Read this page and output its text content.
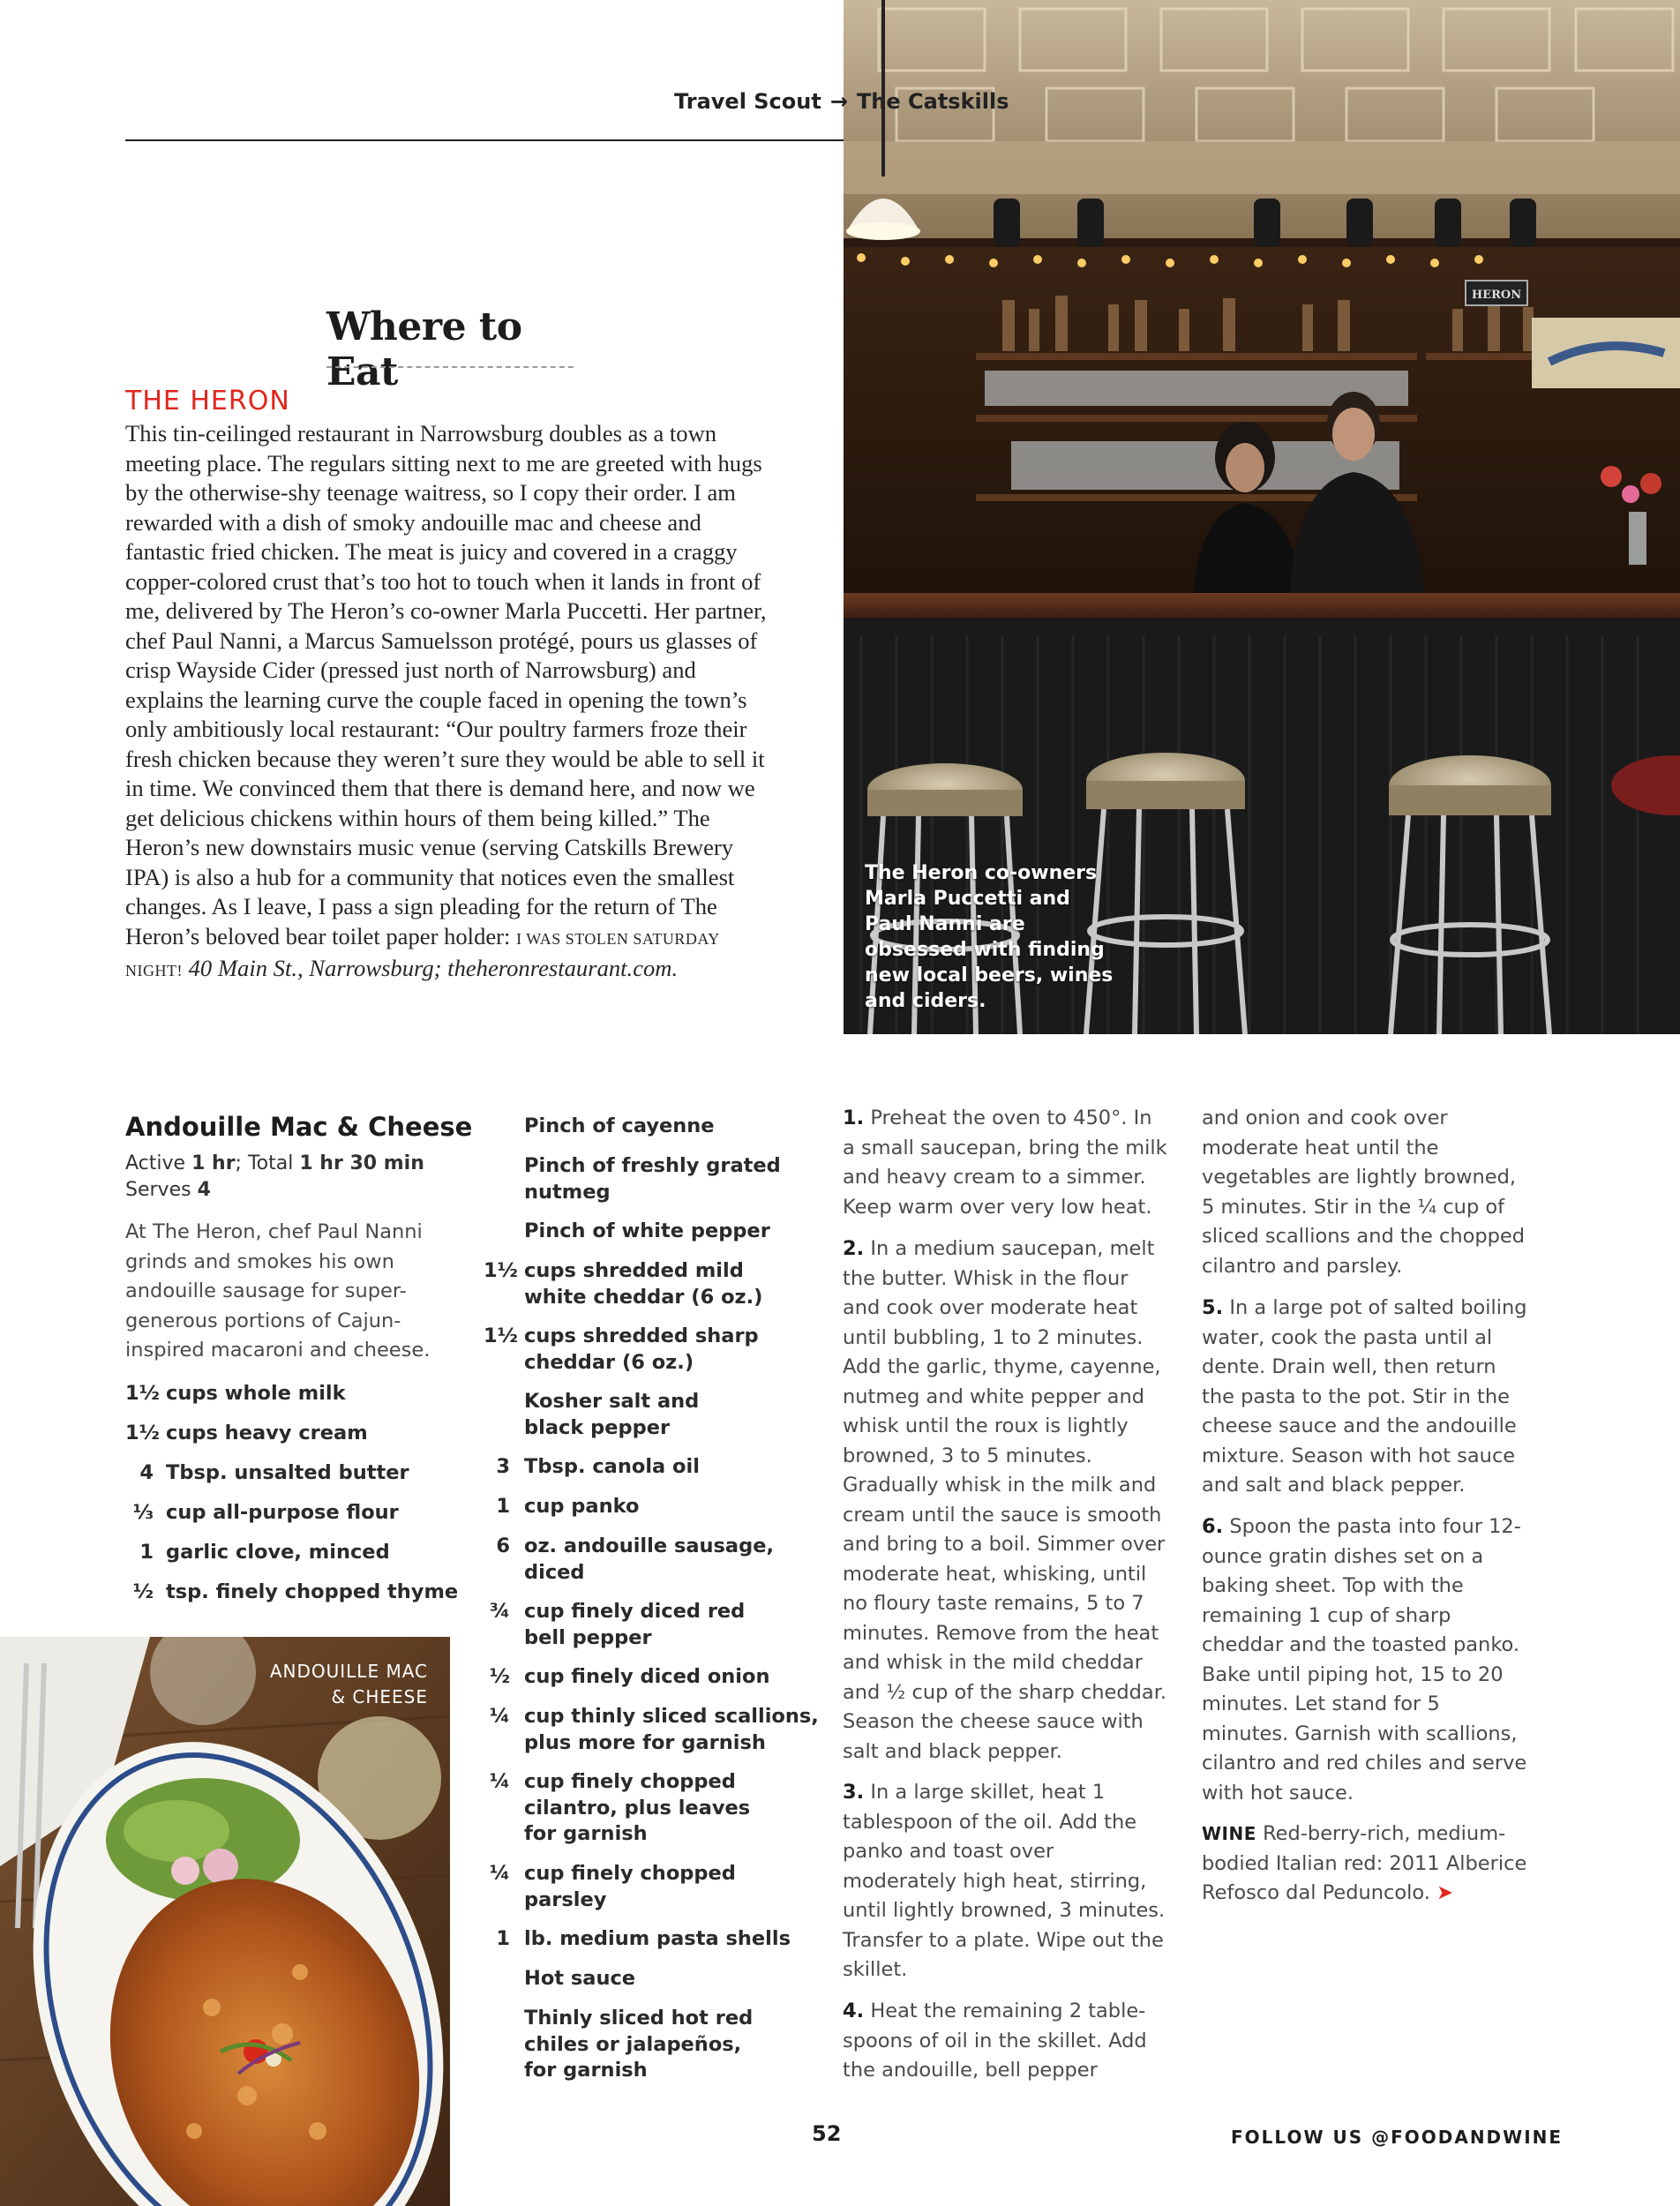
Travel Scout → The Catskills
HERON
The Heron co-owners Marla Puccetti and Paul Nanni are obsessed with finding new local beers, wines and ciders.
Where to Eat
THE HERON
This tin-ceilinged restaurant in Narrowsburg doubles as a town meeting place. The regulars sitting next to me are greeted with hugs by the otherwise-shy teenage waitress, so I copy their order. I am rewarded with a dish of smoky andouille mac and cheese and fantastic fried chicken. The meat is juicy and covered in a craggy copper-colored crust that’s too hot to touch when it lands in front of me, delivered by The Heron’s co-owner Marla Puccetti. Her partner, chef Paul Nanni, a Marcus Samuelsson protégé, pours us glasses of crisp Wayside Cider (pressed just north of Narrowsburg) and explains the learning curve the couple faced in opening the town’s only ambitiously local restaurant: “Our poultry farmers froze their fresh chicken because they weren’t sure they would be able to sell it in time. We convinced them that there is demand here, and now we get delicious chickens within hours of them being killed.” The Heron’s new downstairs music venue (serving Catskills Brewery IPA) is also a hub for a community that notices even the smallest changes. As I leave, I pass a sign pleading for the return of The Heron’s beloved bear toilet paper holder: I WAS STOLEN SATURDAY NIGHT! 40 Main St., Narrowsburg; theheronrestaurant.com.
Andouille Mac & Cheese
Active 1 hr; Total 1 hr 30 min
Serves 4
At The Heron, chef Paul Nanni grinds and smokes his own andouille sausage for super-generous portions of Cajun-inspired macaroni and cheese.
1½ cups whole milk
1½ cups heavy cream
4 Tbsp. unsalted butter
⅓ cup all-purpose flour
1 garlic clove, minced
½ tsp. finely chopped thyme
ANDOUILLE MAC & CHEESE
Pinch of cayenne
Pinch of freshly grated nutmeg
Pinch of white pepper
1½ cups shredded mild white cheddar (6 oz.)
1½ cups shredded sharp cheddar (6 oz.)
Kosher salt and black pepper
3 Tbsp. canola oil
1 cup panko
6 oz. andouille sausage, diced
¾ cup finely diced red bell pepper
½ cup finely diced onion
¼ cup thinly sliced scallions, plus more for garnish
¼ cup finely chopped cilantro, plus leaves for garnish
¼ cup finely chopped parsley
1 lb. medium pasta shells
Hot sauce
Thinly sliced hot red chiles or jalapeños, for garnish
1. Preheat the oven to 450°. In a small saucepan, bring the milk and heavy cream to a simmer. Keep warm over very low heat.
2. In a medium saucepan, melt the butter. Whisk in the flour and cook over moderate heat until bubbling, 1 to 2 minutes. Add the garlic, thyme, cayenne, nutmeg and white pepper and whisk until the roux is lightly browned, 3 to 5 minutes. Gradually whisk in the milk and cream until the sauce is smooth and bring to a boil. Simmer over moderate heat, whisking, until no floury taste remains, 5 to 7 minutes. Remove from the heat and whisk in the mild cheddar and ½ cup of the sharp cheddar. Season the cheese sauce with salt and black pepper.
3. In a large skillet, heat 1 tablespoon of the oil. Add the panko and toast over moderately high heat, stirring, until lightly browned, 3 minutes. Transfer to a plate. Wipe out the skillet.
4. Heat the remaining 2 table-spoons of oil in the skillet. Add the andouille, bell pepper
and onion and cook over moderate heat until the vegetables are lightly browned, 5 minutes. Stir in the ¼ cup of sliced scallions and the chopped cilantro and parsley.
5. In a large pot of salted boiling water, cook the pasta until al dente. Drain well, then return the pasta to the pot. Stir in the cheese sauce and the andouille mixture. Season with hot sauce and salt and black pepper.
6. Spoon the pasta into four 12-ounce gratin dishes set on a baking sheet. Top with the remaining 1 cup of sharp cheddar and the toasted panko. Bake until piping hot, 15 to 20 minutes. Let stand for 5 minutes. Garnish with scallions, cilantro and red chiles and serve with hot sauce.
WINE Red-berry-rich, medium-bodied Italian red: 2011 Alberice Refosco dal Peduncolo. ➤
52	FOLLOW US @FOODANDWINE
